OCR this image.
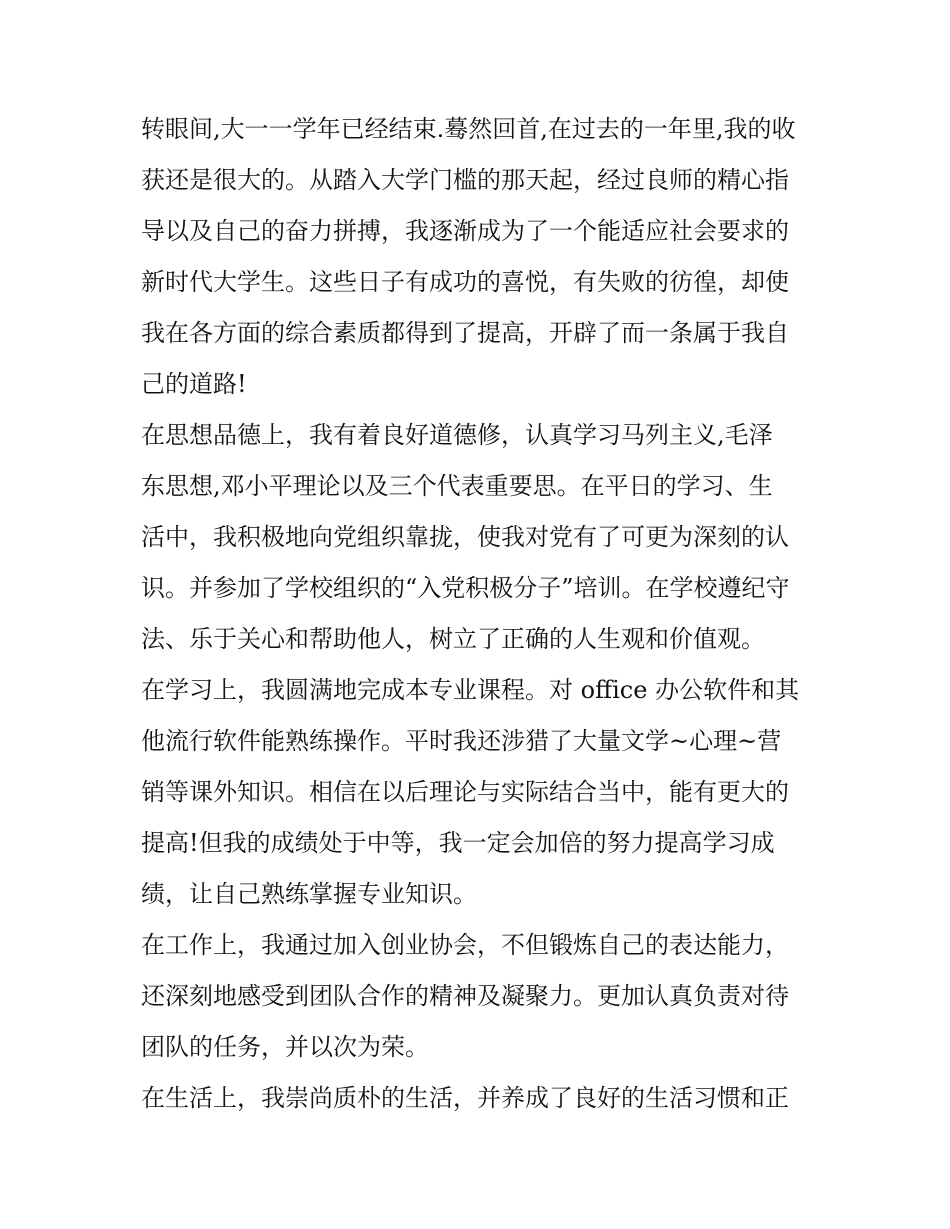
转眼间,大一一学年已经结束.蓦然回首,在过去的一年里,我的收
获还是很大的。从踏入大学门槛的那天起，经过良师的精心指
导以及自己的奋力拼搏，我逐渐成为了一个能适应社会要求的
新时代大学生。这些日子有成功的喜悦，有失败的彷徨，却使
我在各方面的综合素质都得到了提高，开辟了而一条属于我自
己的道路!
在思想品德上，我有着良好道德修，认真学习马列主义,毛泽
东思想,邓小平理论以及三个代表重要思。在平日的学习、生
活中，我积极地向党组织靠拢，使我对党有了可更为深刻的认
识。并参加了学校组织的“入党积极分子”培训。在学校遵纪守
法、乐于关心和帮助他人，树立了正确的人生观和价值观。
在学习上，我圆满地完成本专业课程。对 office 办公软件和其
他流行软件能熟练操作。平时我还涉猎了大量文学~心理~营
销等课外知识。相信在以后理论与实际结合当中，能有更大的
提高!但我的成绩处于中等，我一定会加倍的努力提高学习成
绩，让自己熟练掌握专业知识。
在工作上，我通过加入创业协会，不但锻炼自己的表达能力，
还深刻地感受到团队合作的精神及凝聚力。更加认真负责对待
团队的任务，并以次为荣。
在生活上，我崇尚质朴的生活，并养成了良好的生活习惯和正
